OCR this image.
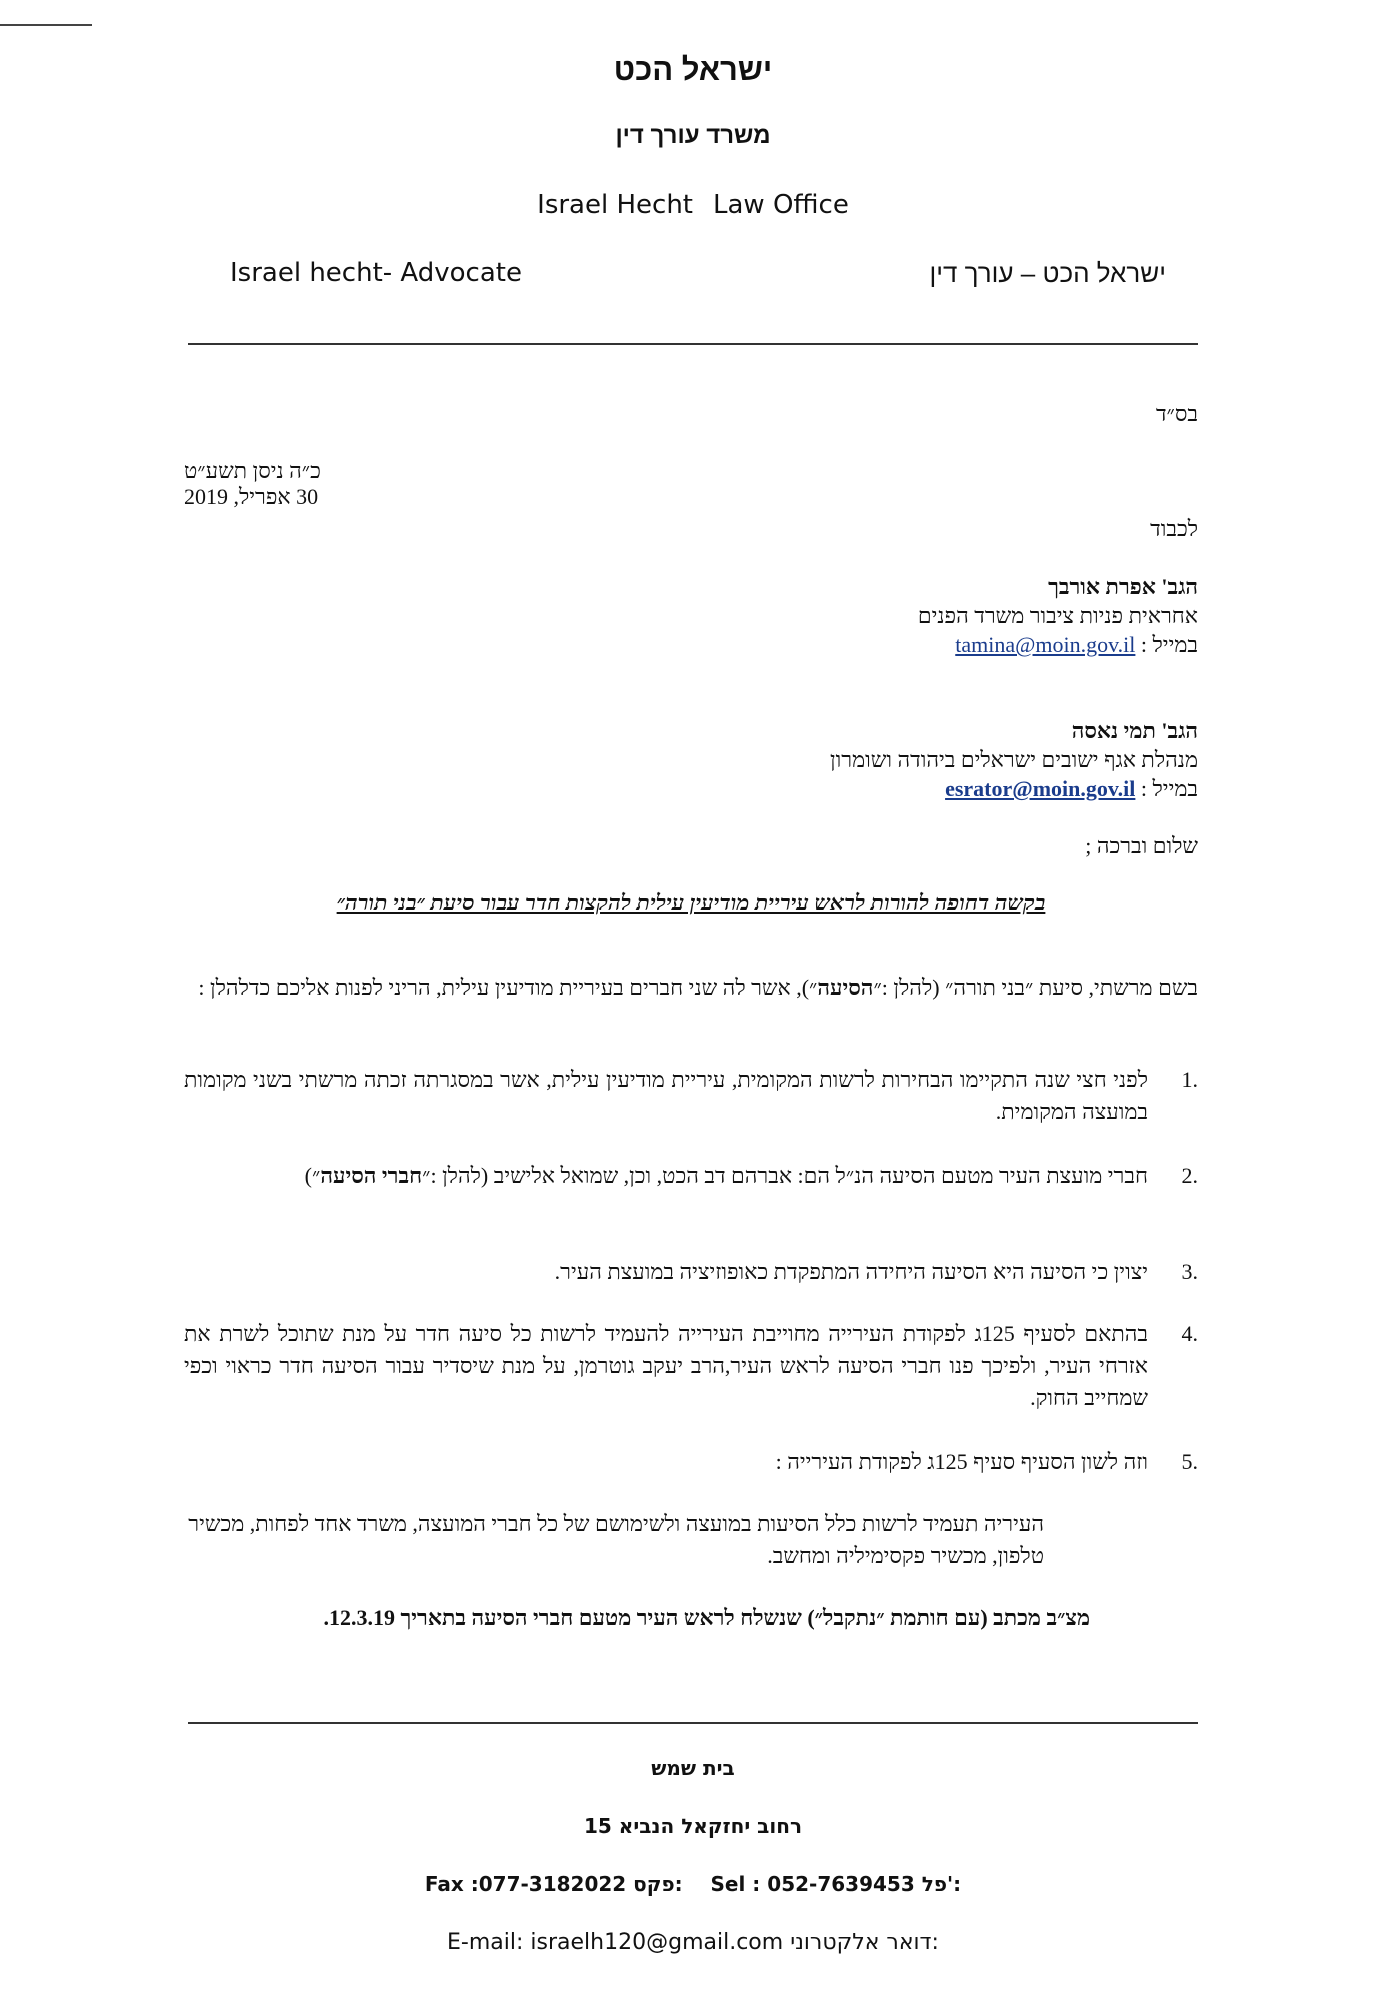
ישראל הכט
משרד עורך דין
Israel Hecht Law Office
Israel hecht- Advocate	ישראל הכט – עורך דין
בס״ד
כ״ה ניסן תשע״ט
30 אפריל, 2019
לכבוד
הגב' אפרת אורבך
אחראית פניות ציבור משרד הפנים
במייל : tamina@moin.gov.il
הגב' תמי נאסה
מנהלת אגף ישובים ישראלים ביהודה ושומרון
במייל : esrator@moin.gov.il
שלום וברכה ;
בקשה דחופה להורות לראש עיריית מודיעין עילית להקצות חדר עבור סיעת ״בני תורה״
בשם מרשתי, סיעת ״בני תורה״ (להלן :״הסיעה״), אשר לה שני חברים בעיריית מודיעין עילית, הריני לפנות אליכם כדלהלן :
1.
לפני חצי שנה התקיימו הבחירות לרשות המקומית, עיריית מודיעין עילית, אשר במסגרתה זכתה מרשתי בשני מקומות במועצה המקומית.
2.
חברי מועצת העיר מטעם הסיעה הנ״ל הם: אברהם דב הכט, וכן, שמואל אלישיב (להלן :״חברי הסיעה״)
3.
יצוין כי הסיעה היא הסיעה היחידה המתפקדת כאופוזיציה במועצת העיר.
4.
בהתאם לסעיף 125ג לפקודת העירייה מחוייבת העירייה להעמיד לרשות כל סיעה חדר על מנת שתוכל לשרת את אזרחי העיר, ולפיכך פנו חברי הסיעה לראש העיר,הרב יעקב גוטרמן, על מנת שיסדיר עבור הסיעה חדר כראוי וכפי שמחייב החוק.
5.
וזה לשון הסעיף סעיף 125ג לפקודת העירייה :
העיריה תעמיד לרשות כלל הסיעות במועצה ולשימושם של כל חברי המועצה, משרד אחד לפחות, מכשיר טלפון, מכשיר פקסימיליה ומחשב.
מצ״ב מכתב (עם חותמת ״נתקבל״) שנשלח לראש העיר מטעם חברי הסיעה בתאריך 12.3.19.
בית שמש
רחוב יחזקאל הנביא 15
Fax :077-3182022 פקס: Sel : 052-7639453 פל':
E-mail: israelh120@gmail.com דואר אלקטרוני:
